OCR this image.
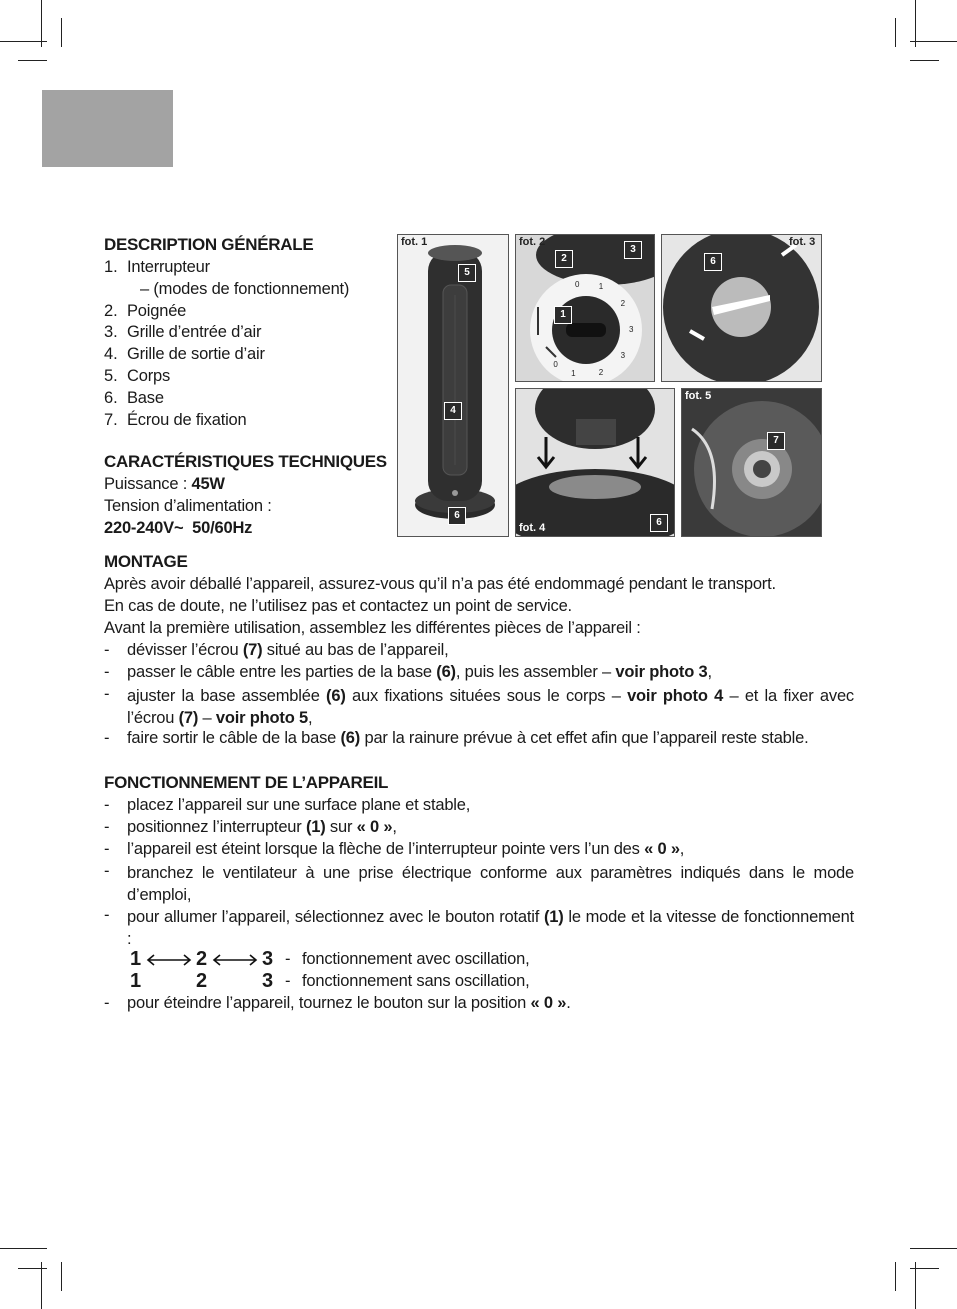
DESCRIPTION GÉNÉRALE
1. Interrupteur
– (modes de fonctionnement)
2. Poignée
3. Grille d’entrée d’air
4. Grille de sortie d’air
5. Corps
6. Base
7. Écrou de fixation
CARACTÉRISTIQUES TECHNIQUES
Puissance : 45W
Tension d’alimentation :
220-240V~  50/60Hz
fot. 1
5
4
6
fot. 2
2
3
1
0 1
2
3
3
2
1
0
fot. 3
6
fot. 4	6
fot. 5
7
MONTAGE
Après avoir déballé l’appareil, assurez-vous qu’il n’a pas été endommagé pendant le transport.
En cas de doute, ne l’utilisez pas et contactez un point de service.
Avant la première utilisation, assemblez les différentes pièces de l’appareil :
- dévisser l’écrou (7) situé au bas de l’appareil,
- passer le câble entre les parties de la base (6), puis les assembler – voir photo 3,
- ajuster la base assemblée (6) aux fixations situées sous le corps – voir photo 4 – et la fixer avec l’écrou (7) – voir photo 5,
- faire sortir le câble de la base (6) par la rainure prévue à cet effet afin que l’appareil reste stable.
FONCTIONNEMENT DE L’APPAREIL
- placez l’appareil sur une surface plane et stable,
- positionnez l’interrupteur (1) sur « 0 »,
- l’appareil est éteint lorsque la flèche de l’interrupteur pointe vers l’un des « 0 »,
- branchez le ventilateur à une prise électrique conforme aux paramètres indiqués dans le mode d’emploi,
- pour allumer l’appareil, sélectionnez avec le bouton rotatif (1) le mode et la vitesse de fonctionnement :
1	2	3 - fonctionnement avec oscillation,
1	2	3 - fonctionnement sans oscillation,
- pour éteindre l’appareil, tournez le bouton sur la position « 0 ».
